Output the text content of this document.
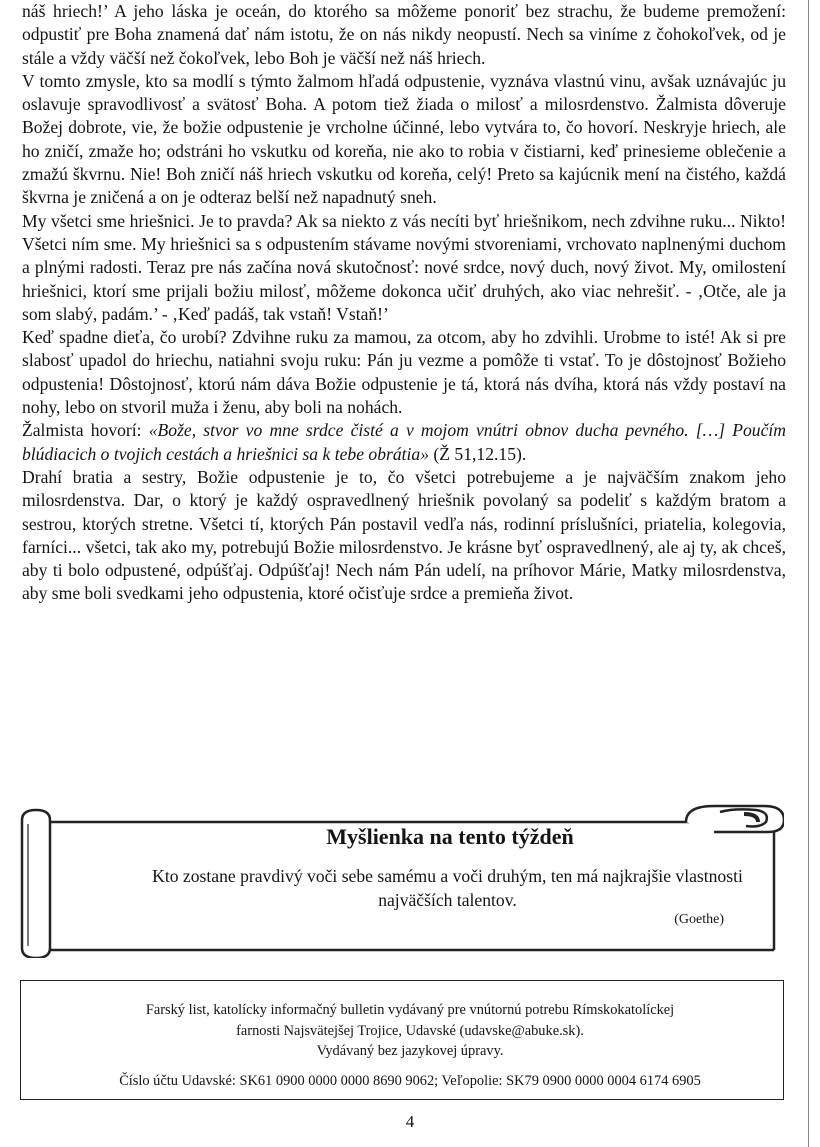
náš hriech!’ A jeho láska je oceán, do ktorého sa môžeme ponoriť bez strachu, že budeme premožení: odpustiť pre Boha znamená dať nám istotu, že on nás nikdy neopustí. Nech sa viníme z čohokoľvek, od je stále a vždy väčší než čokoľvek, lebo Boh je väčší než náš hriech.

V tomto zmysle, kto sa modlí s týmto žalmom hľadá odpustenie, vyznáva vlastnú vinu, avšak uznávajúc ju oslavuje spravodlivosť a svätosť Boha. A potom tiež žiada o milosť a milosrdenstvo. Žalmista dôveruje Božej dobrote, vie, že božie odpustenie je vrcholne účinné, lebo vytvára to, čo hovorí. Neskryje hriech, ale ho zničí, zmaže ho; odstráni ho vskutku od koreňa, nie ako to robia v čistiarni, keď prinesieme oblečenie a zmažú škvrnu. Nie! Boh zničí náš hriech vskutku od koreňa, celý! Preto sa kajúcnik mení na čistého, každá škvrna je zničená a on je odteraz belší než napadnutý sneh.

My všetci sme hriešnici. Je to pravda? Ak sa niekto z vás necíti byť hriešnikom, nech zdvihne ruku... Nikto! Všetci ním sme. My hriešnici sa s odpustením stávame novými stvoreniami, vrchovato naplnenými duchom a plnými radosti. Teraz pre nás začína nová skutočnosť: nové srdce, nový duch, nový život. My, omilostení hriešnici, ktorí sme prijali božiu milosť, môžeme dokonca učiť druhých, ako viac nehrešiť. - ‚Otče, ale ja som slabý, padám.’ - ‚Keď padáš, tak vstaň! Vstaň!’

Keď spadne dieťa, čo urobí? Zdvihne ruku za mamou, za otcom, aby ho zdvihli. Urobme to isté! Ak si pre slabosť upadol do hriechu, natiahni svoju ruku: Pán ju vezme a pomôže ti vstať. To je dôstojnosť Božieho odpustenia! Dôstojnosť, ktorú nám dáva Božie odpustenie je tá, ktorá nás dvíha, ktorá nás vždy postaví na nohy, lebo on stvoril muža i ženu, aby boli na nohách.

Žalmista hovorí: «Bože, stvor vo mne srdce čisté a v mojom vnútri obnov ducha pevného. […] Poučím blúdiacich o tvojich cestách a hriešnici sa k tebe obrátia» (Ž 51,12.15).

Drahí bratia a sestry, Božie odpustenie je to, čo všetci potrebujeme a je najväčším znakom jeho milosrdenstva. Dar, o ktorý je každý ospravedlnený hriešnik povolaný sa podeliť s každým bratom a sestrou, ktorých stretne. Všetci tí, ktorých Pán postavil vedľa nás, rodinní príslušníci, priatelia, kolegovia, farníci... všetci, tak ako my, potrebujú Božie milosrdenstvo. Je krásne byť ospravedlnený, ale aj ty, ak chceš, aby ti bolo odpustené, odpúšťaj. Odpúšťaj! Nech nám Pán udelí, na príhovor Márie, Matky milosrdenstva, aby sme boli svedkami jeho odpustenia, ktoré očisťuje srdce a premieňa život.

Myšlienka na tento týždeň
Kto zostane pravdivý voči sebe samému a voči druhým, ten má najkrajšie vlastnosti najväčších talentov.
(Goethe)
Farský list, katolícky informačný bulletin vydávaný pre vnútornú potrebu Rímskokatolíckej
farnosti Najsvätejšej Trojice, Udavské (udavske@abuke.sk).
Vydávaný bez jazykovej úpravy.
Číslo účtu Udavské: SK61 0900 0000 0000 8690 9062; Veľopolie: SK79 0900 0000 0004 6174 6905
4
